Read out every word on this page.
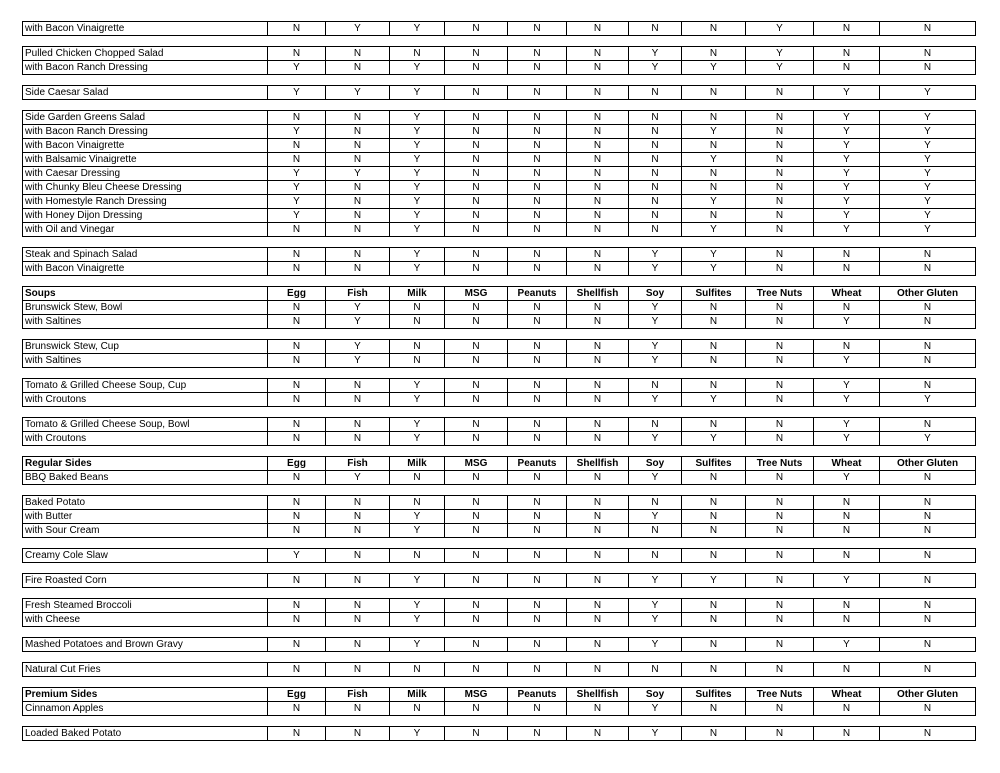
with Bacon Vinaigrette	N	Y	Y	N	N	N	N	N	Y	N	N

Pulled Chicken Chopped Salad	N	N	N	N	N	N	Y	N	Y	N	N
with Bacon Ranch Dressing	Y	N	Y	N	N	N	Y	Y	Y	N	N

Side Caesar Salad	Y	Y	Y	N	N	N	N	N	N	Y	Y

Side Garden Greens Salad	N	N	Y	N	N	N	N	N	N	Y	Y
with Bacon Ranch Dressing	Y	N	Y	N	N	N	N	Y	N	Y	Y
with Bacon Vinaigrette	N	N	Y	N	N	N	N	N	N	Y	Y
with Balsamic Vinaigrette	N	N	Y	N	N	N	N	Y	N	Y	Y
with Caesar Dressing	Y	Y	Y	N	N	N	N	N	N	Y	Y
with Chunky Bleu Cheese Dressing	Y	N	Y	N	N	N	N	N	N	Y	Y
with Homestyle Ranch Dressing	Y	N	Y	N	N	N	N	Y	N	Y	Y
with Honey Dijon Dressing	Y	N	Y	N	N	N	N	N	N	Y	Y
with Oil and Vinegar	N	N	Y	N	N	N	N	Y	N	Y	Y

Steak and Spinach Salad	N	N	Y	N	N	N	Y	Y	N	N	N
with Bacon Vinaigrette	N	N	Y	N	N	N	Y	Y	N	N	N

Soups	Egg	Fish	Milk	MSG	Peanuts	Shellfish	Soy	Sulfites	Tree Nuts	Wheat	Other Gluten
Brunswick Stew, Bowl	N	Y	N	N	N	N	Y	N	N	N	N
with Saltines	N	Y	N	N	N	N	Y	N	N	Y	N

Brunswick Stew, Cup	N	Y	N	N	N	N	Y	N	N	N	N
with Saltines	N	Y	N	N	N	N	Y	N	N	Y	N

Tomato & Grilled Cheese Soup, Cup	N	N	Y	N	N	N	N	N	N	Y	N
with Croutons	N	N	Y	N	N	N	Y	Y	N	Y	Y

Tomato & Grilled Cheese Soup, Bowl	N	N	Y	N	N	N	N	N	N	Y	N
with Croutons	N	N	Y	N	N	N	Y	Y	N	Y	Y

Regular Sides	Egg	Fish	Milk	MSG	Peanuts	Shellfish	Soy	Sulfites	Tree Nuts	Wheat	Other Gluten
BBQ Baked Beans	N	Y	N	N	N	N	Y	N	N	Y	N

Baked Potato	N	N	N	N	N	N	N	N	N	N	N
with Butter	N	N	Y	N	N	N	Y	N	N	N	N
with Sour Cream	N	N	Y	N	N	N	N	N	N	N	N

Creamy Cole Slaw	Y	N	N	N	N	N	N	N	N	N	N

Fire Roasted Corn	N	N	Y	N	N	N	Y	Y	N	Y	N

Fresh Steamed Broccoli	N	N	Y	N	N	N	Y	N	N	N	N
with Cheese	N	N	Y	N	N	N	Y	N	N	N	N

Mashed Potatoes and Brown Gravy	N	N	Y	N	N	N	Y	N	N	Y	N

Natural Cut Fries	N	N	N	N	N	N	N	N	N	N	N

Premium Sides	Egg	Fish	Milk	MSG	Peanuts	Shellfish	Soy	Sulfites	Tree Nuts	Wheat	Other Gluten
Cinnamon Apples	N	N	N	N	N	N	Y	N	N	N	N

Loaded Baked Potato	N	N	Y	N	N	N	Y	N	N	N	N
